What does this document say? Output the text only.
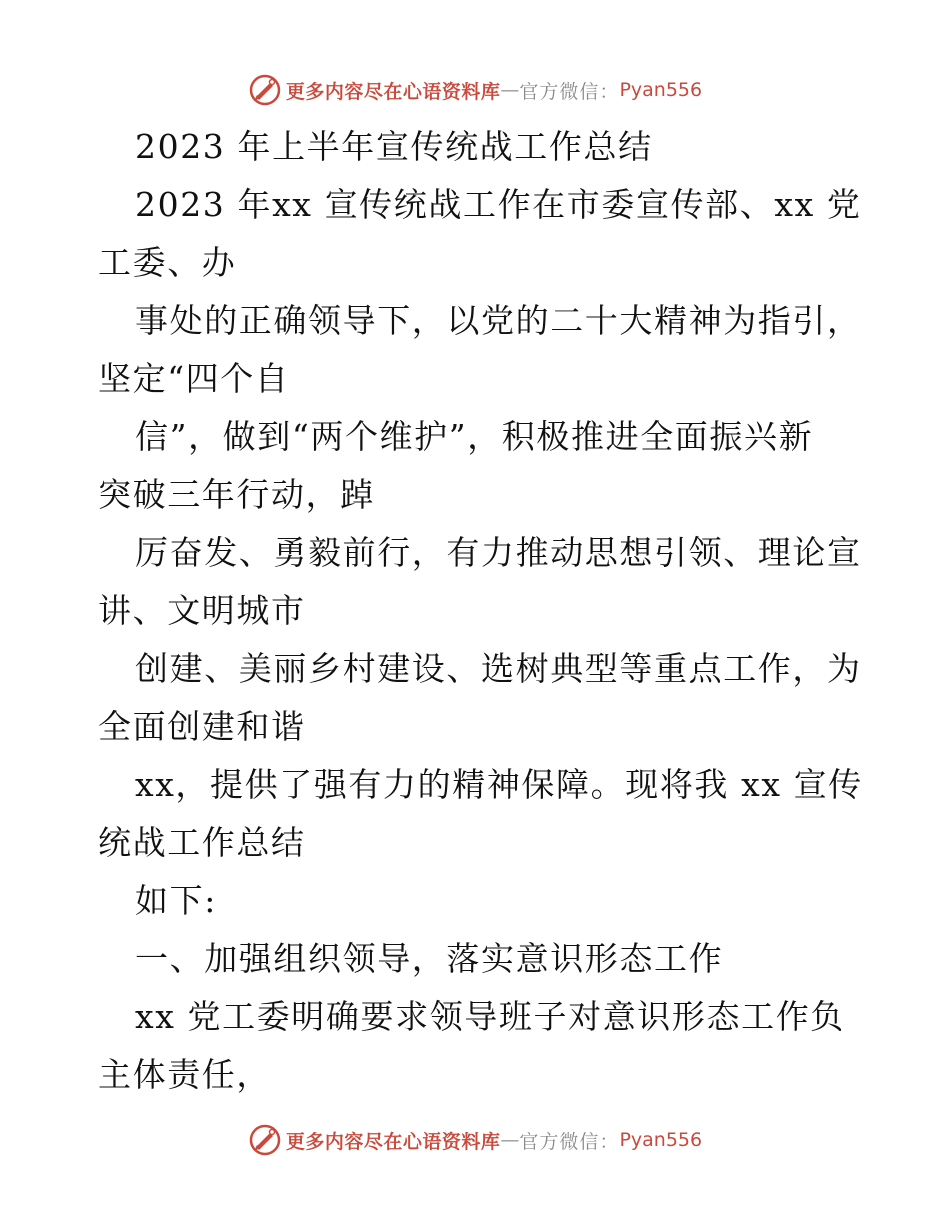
更多内容尽在心语资料库 — 官方微信： Pyan556
2023 年上半年宣传统战工作总结
2023 年xx 宣传统战工作在市委宣传部、xx 党
工委、办
事处的正确领导下，以党的二十大精神为指引，
坚定“四个自
信”，做到“两个维护”，积极推进全面振兴新
突破三年行动，踔
厉奋发、勇毅前行，有力推动思想引领、理论宣
讲、文明城市
创建、美丽乡村建设、选树典型等重点工作，为
全面创建和谐
xx，提供了强有力的精神保障。现将我 xx 宣传
统战工作总结
如下:
一、加强组织领导，落实意识形态工作
xx 党工委明确要求领导班子对意识形态工作负
主体责任，
更多内容尽在心语资料库 — 官方微信： Pyan556
